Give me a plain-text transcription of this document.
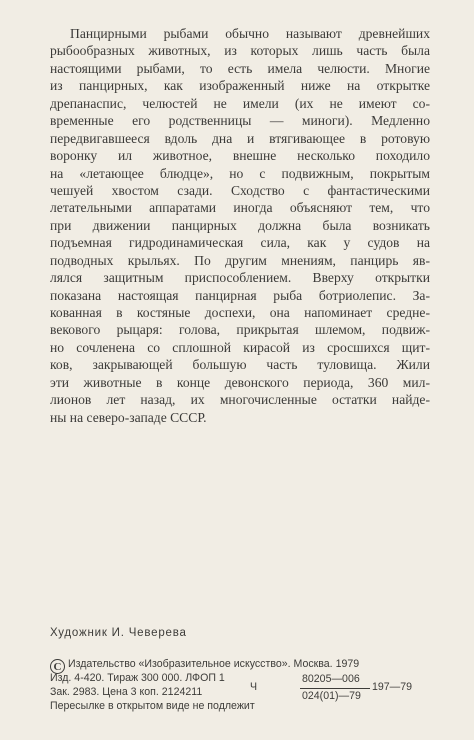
Панцирными рыбами обычно называют древнейших
рыбообразных животных, из которых лишь часть была
настоящими рыбами, то есть имела челюсти. Многие
из панцирных, как изображенный ниже на открытке
дрепанаспис, челюстей не имели (их не имеют со-
временные его родственницы — миноги). Медленно
передвигавшееся вдоль дна и втягивающее в ротовую
воронку ил животное, внешне несколько походило
на «летающее блюдце», но с подвижным, покрытым
чешуей хвостом сзади. Сходство с фантастическими
летательными аппаратами иногда объясняют тем, что
при движении панцирных должна была возникать
подъемная гидродинамическая сила, как у судов на
подводных крыльях. По другим мнениям, панцирь яв-
лялся защитным приспособлением. Вверху открытки
показана настоящая панцирная рыба ботриолепис. За-
кованная в костяные доспехи, она напоминает средне-
векового рыцаря: голова, прикрытая шлемом, подвиж-
но сочленена со сплошной кирасой из сросшихся щит-
ков, закрывающей большую часть туловища. Жили
эти животные в конце девонского периода, 360 мил-
лионов лет назад, их многочисленные остатки найде-
ны на северо-западе СССР.
Художник И. Чеверева
С Издательство «Изобразительное искусство». Москва. 1979
Изд. 4-420. Тираж 300 000. ЛФОП 1
Зак. 2983. Цена 3 коп. 2124211
Пересылке в открытом виде не подлежит
Ч
80205—006
024(01)—79
197—79
